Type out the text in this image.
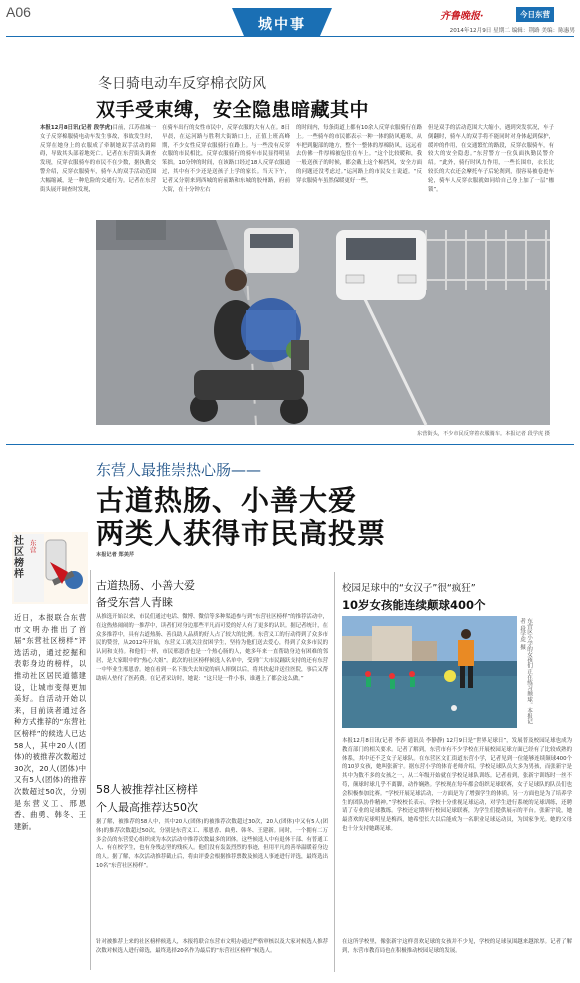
A06
城中事
齐鲁晚报·	今日东营
2014年12月9日 星期二 编辑：荆路 美编：陈惠男
冬日骑电动车反穿棉衣防风
双手受束缚，安全隐患暗藏其中
本报12月8日讯(记者 段学虎)目前，江苏盐城一女子反穿棉服骑电动车发生事故，事故发生时，反穿在她身上的衣服成了牵制她双手活动的障碍，导致其头部着地死亡。记者在东营街头调查发现，反穿衣服骑车的市民不在少数，据执勤交警介绍，反穿衣服骑车，骑车人的双手活动范围大幅缩减，是一种危险的交通行为。记者在东营街头展开调查时发现，
在骑车出行的女性市民中，反穿衣服的大有人在。8日早晨，在运河路与胜利大街路口上，正值上班高峰期，不少女性反穿衣服骑行在路上。与一些没有反穿衣服的市民相比，反穿衣服骑行的骑车市民显得明显笨拙。10分钟的时间，在该路口经过18人反穿衣服通过，其中有不少还是送孩子上学的家长。当天下午，记者又分别来到西城的府前路和东城的胶州路，府前大街，在十分钟左右
的时间内，每条街道上都有10余人反穿衣服骑行在路上。一些骑车的市民都表示一种一体的防风避寒，从车把到腿部的地方，整个一整体的厚棉防风，远远看去仿佛一件厚棉被包住在车上。“这个比较暖和，我一般送孩子的时候，都会戴上这个棉挡风，安全方面的问题还没考虑过。”运河路上的市民女士说道。“反穿衣服骑车虽然保暖更好一些，
但是双手的活动范围大大缩小，遇到突发状况，车子倒翻时，骑车人的双手将不能同时对身体起到保护，缓冲的作用，在交通繁忙的路段，反穿衣服骑车，有较大的安全隐患。”东营警方一位负面执勤民警介绍。“此外，骑行时风力作用，一些长围巾，衣长比较长的大衣还会摩托车子后轮刹到，很容易被卷进车轮，骑车人反穿衣服就如同给自己身上加了一层“枷锁”。
东营街头，不少市民反穿着衣服骑车。本报记者 段学虎 摄
东营人最推崇热心肠——
古道热肠、小善大爱
两类人获得市民高投票
本报记者 郑美芹
社区榜样
东营
近日，本报联合东营市文明办推出了首届“东营社区榜样”评选活动，通过挖掘和表彰身边的榜样，以推动社区居民道德建设，让城市变得更加美好。自活动开始以来，目前读者通过各种方式推荐的“东营社区榜样”的候选人已达58人，其中20人(团体)的被推荐次数超过30次，20人(团体)中又有5人(团体)的推荐次数超过50次，分别是东营义工、邢恩香、曲勇、韩冬、王建新。
古道热肠、小善大爱
备受东营人青睐
从推选开始以来，市民们通过电话、微博、微信等多种渠道参与到“东营社区榜样”的推荐活动中，在这热热闹闹的一推荐中，读者们对身边那些平凡而可爱的好人有了更多的认识。据记者统计，在众多推荐中，具有古道热肠、善良助人品质的好人占了较大的比例。东营义工的行动得到了众多市民的赞誉，从2012年开始，东营义工就关注贫困学生，坚持为他们送去爱心，得到了众多市民的认同和支持。和他们一样，市民邢恩香也是一个热心肠的人，她多年来一直帮助身边有困难的邻居，是大家眼中的“热心大姐”。此次的社区榜样候选人名单中，受到广大市民踊跃支持的还有东营一中毕业生邢恩香。她在看到一名下肢失去知觉的病人摔倒以后，将其扶起并送往医院，事后又帮助病人垫付了医药费。在记者采访时，她说：“这只是一件小事，谁遇上了都会这么做。”
58人被推荐社区榜样
个人最高推荐达50次
据了解，被推荐的58人中，其中20人(团体)的被推荐次数超过30次，20人(团体)中又有5人(团体)的推荐次数超过50次，分别是东营义工、邢恩香、曲勇、韩冬、王建新。同时，一个拥有二万多会员的东营爱心组织成为本次活动中推荐次数最多的团体。这些候选人中有退休干部、有普通工人、有在校学生，也有身残志坚的残疾人。他们没有轰轰烈烈的事迹，但用平凡的善举温暖着身边的人。据了解，本次活动推荐截止后，将由评委会根据推荐票数及候选人事迹进行评选，最终选出10名“东营社区榜样”。
针对被推荐上来的社区榜样候选人，本报将联合东营市文明办通过严格审核以及大家对候选人推荐次数对候选人进行筛选，最终选择20名作为最后的“东营社区榜样”候选人。
校园足球中的“女汉子”很“疯狂”
10岁女孩能连续颠球400个
东营区小学的女孩们正在练习颠球。本报记者 段学虎 摄
本报12月8日讯(记者 李莎 通讯员 李静静) 12月9日是“世界足球日”，发展普及校园足球也成为教育部门的相关要求。记者了解到，东营市有不少学校在开展校园足球方面已经有了比较成熟的体系，其中还不乏女子足球队。在东营区文汇街道东营小学，记者见到一位能够连续颠球400个的10岁女孩，她叫张新宇。据东营小学的体育老师介绍，学校足球队员大多为男孩，而张新宇是其中为数不多的女孩之一，从二年级开始就在学校足球队训练。记者看到，张新宇训练时一丝不苟，颠球时球几乎不离脚，动作娴熟。学校现在每年都会组织足球联赛，女子足球队的队员们也会积极参加比赛。“学校开展足球活动，一方面是为了增强学生的体质，另一方面也是为了培养学生的团队协作精神。”学校校长表示。学校十分重视足球运动，对学生进行系统的足球训练，还聘请了专业的足球教练。学校还定期举行校园足球联赛，为学生们提供展示的平台。张新宇说，她最喜欢的足球明星是梅西，她希望长大以后能成为一名职业足球运动员，为国家争光。她的父母也十分支持她踢足球。
在这所学校里，像张新宇这样喜欢足球的女孩并不少见，学校的足球氛围越来越浓厚。记者了解到，东营市教育局也在积极推动校园足球的发展。
